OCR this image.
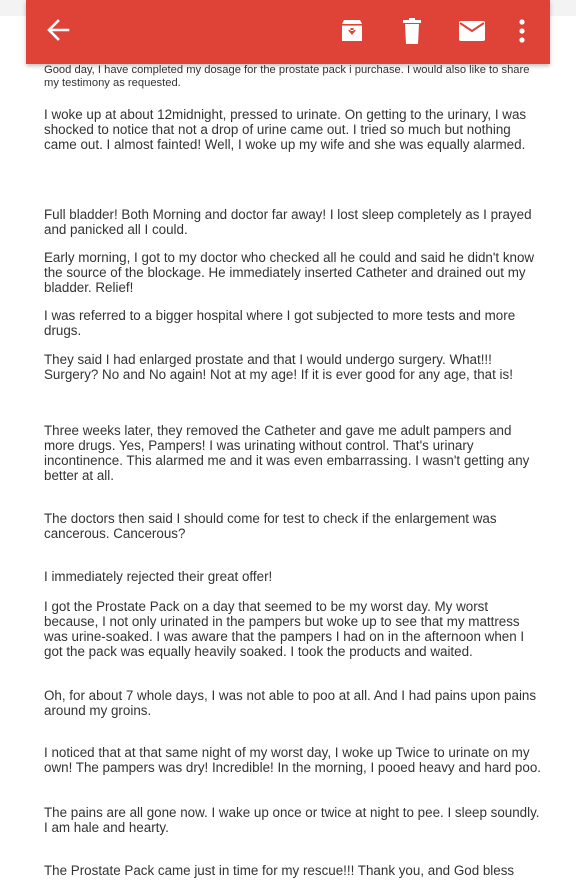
Good day, I have completed my dosage for the prostate pack i purchase. I would also like to share my testimony as requested.

I woke up at about 12midnight, pressed to urinate. On getting to the urinary, I was shocked to notice that not a drop of urine came out. I tried so much but nothing came out. I almost fainted! Well, I woke up my wife and she was equally alarmed.

Full bladder! Both Morning and doctor far away! I lost sleep completely as I prayed and panicked all I could.

Early morning, I got to my doctor who checked all he could and said he didn't know the source of the blockage. He immediately inserted Catheter and drained out my bladder. Relief!

I was referred to a bigger hospital where I got subjected to more tests and more drugs.

They said I had enlarged prostate and that I would undergo surgery. What!!! Surgery? No and No again! Not at my age! If it is ever good for any age, that is!

Three weeks later, they removed the Catheter and gave me adult pampers and more drugs. Yes, Pampers! I was urinating without control. That's urinary incontinence. This alarmed me and it was even embarrassing. I wasn't getting any better at all.

The doctors then said I should come for test to check if the enlargement was cancerous. Cancerous?

I immediately rejected their great offer!

I got the Prostate Pack on a day that seemed to be my worst day. My worst because, I not only urinated in the pampers but woke up to see that my mattress was urine-soaked. I was aware that the pampers I had on in the afternoon when I got the pack was equally heavily soaked. I took the products and waited.

Oh, for about 7 whole days, I was not able to poo at all. And I had pains upon pains around my groins.

I noticed that at that same night of my worst day, I woke up Twice to urinate on my own! The pampers was dry! Incredible! In the morning, I pooed heavy and hard poo.

The pains are all gone now. I wake up once or twice at night to pee. I sleep soundly. I am hale and hearty.

The Prostate Pack came just in time for my rescue!!! Thank you, and God bless
